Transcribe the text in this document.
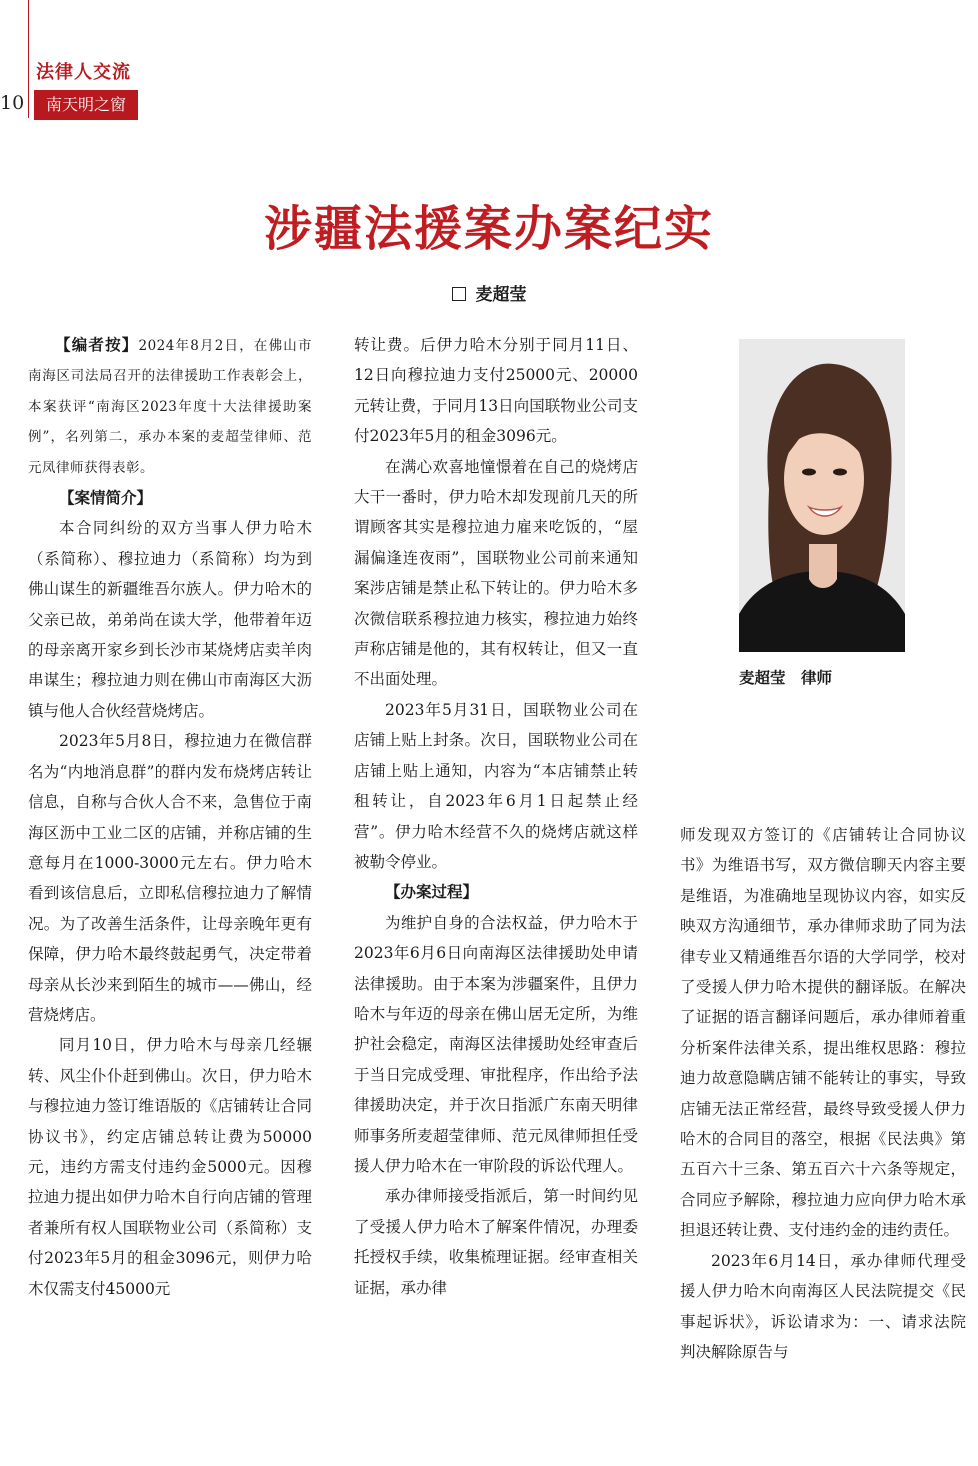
10
法律人交流
南天明之窗
涉疆法援案办案纪实
麦超莹

【编者按】2024年8月2日，在佛山市南海区司法局召开的法律援助工作表彰会上，本案获评“南海区2023年度十大法律援助案例”，名列第二，承办本案的麦超莹律师、范元凤律师获得表彰。

【案情简介】

本合同纠纷的双方当事人伊力哈木（系简称）、穆拉迪力（系简称）均为到佛山谋生的新疆维吾尔族人。伊力哈木的父亲已故，弟弟尚在读大学，他带着年迈的母亲离开家乡到长沙市某烧烤店卖羊肉串谋生；穆拉迪力则在佛山市南海区大沥镇与他人合伙经营烧烤店。

2023年5月8日，穆拉迪力在微信群名为“内地消息群”的群内发布烧烤店转让信息，自称与合伙人合不来，急售位于南海区沥中工业二区的店铺，并称店铺的生意每月在1000-3000元左右。伊力哈木看到该信息后，立即私信穆拉迪力了解情况。为了改善生活条件，让母亲晚年更有保障，伊力哈木最终鼓起勇气，决定带着母亲从长沙来到陌生的城市——佛山，经营烧烤店。

同月10日，伊力哈木与母亲几经辗转、风尘仆仆赶到佛山。次日，伊力哈木与穆拉迪力签订维语版的《店铺转让合同协议书》，约定店铺总转让费为50000元，违约方需支付违约金5000元。因穆拉迪力提出如伊力哈木自行向店铺的管理者兼所有权人国联物业公司（系简称）支付2023年5月的租金3096元，则伊力哈木仅需支付45000元

转让费。后伊力哈木分别于同月11日、12日向穆拉迪力支付25000元、20000元转让费，于同月13日向国联物业公司支付2023年5月的租金3096元。

在满心欢喜地憧憬着在自己的烧烤店大干一番时，伊力哈木却发现前几天的所谓顾客其实是穆拉迪力雇来吃饭的，“屋漏偏逢连夜雨”，国联物业公司前来通知案涉店铺是禁止私下转让的。伊力哈木多次微信联系穆拉迪力核实，穆拉迪力始终声称店铺是他的，其有权转让，但又一直不出面处理。

2023年5月31日，国联物业公司在店铺上贴上封条。次日，国联物业公司在店铺上贴上通知，内容为“本店铺禁止转租转让，自2023年6月1日起禁止经营”。伊力哈木经营不久的烧烤店就这样被勒令停业。

【办案过程】

为维护自身的合法权益，伊力哈木于2023年6月6日向南海区法律援助处申请法律援助。由于本案为涉疆案件，且伊力哈木与年迈的母亲在佛山居无定所，为维护社会稳定，南海区法律援助处经审查后于当日完成受理、审批程序，作出给予法律援助决定，并于次日指派广东南天明律师事务所麦超莹律师、范元凤律师担任受援人伊力哈木在一审阶段的诉讼代理人。

承办律师接受指派后，第一时间约见了受援人伊力哈木了解案件情况，办理委托授权手续，收集梳理证据。经审查相关证据，承办律

麦超莹　律师

师发现双方签订的《店铺转让合同协议书》为维语书写，双方微信聊天内容主要是维语，为准确地呈现协议内容，如实反映双方沟通细节，承办律师求助了同为法律专业又精通维吾尔语的大学同学，校对了受援人伊力哈木提供的翻译版。在解决了证据的语言翻译问题后，承办律师着重分析案件法律关系，提出维权思路：穆拉迪力故意隐瞒店铺不能转让的事实，导致店铺无法正常经营，最终导致受援人伊力哈木的合同目的落空，根据《民法典》第五百六十三条、第五百六十六条等规定，合同应予解除，穆拉迪力应向伊力哈木承担退还转让费、支付违约金的违约责任。

2023年6月14日，承办律师代理受援人伊力哈木向南海区人民法院提交《民事起诉状》，诉讼请求为：一、请求法院判决解除原告与
